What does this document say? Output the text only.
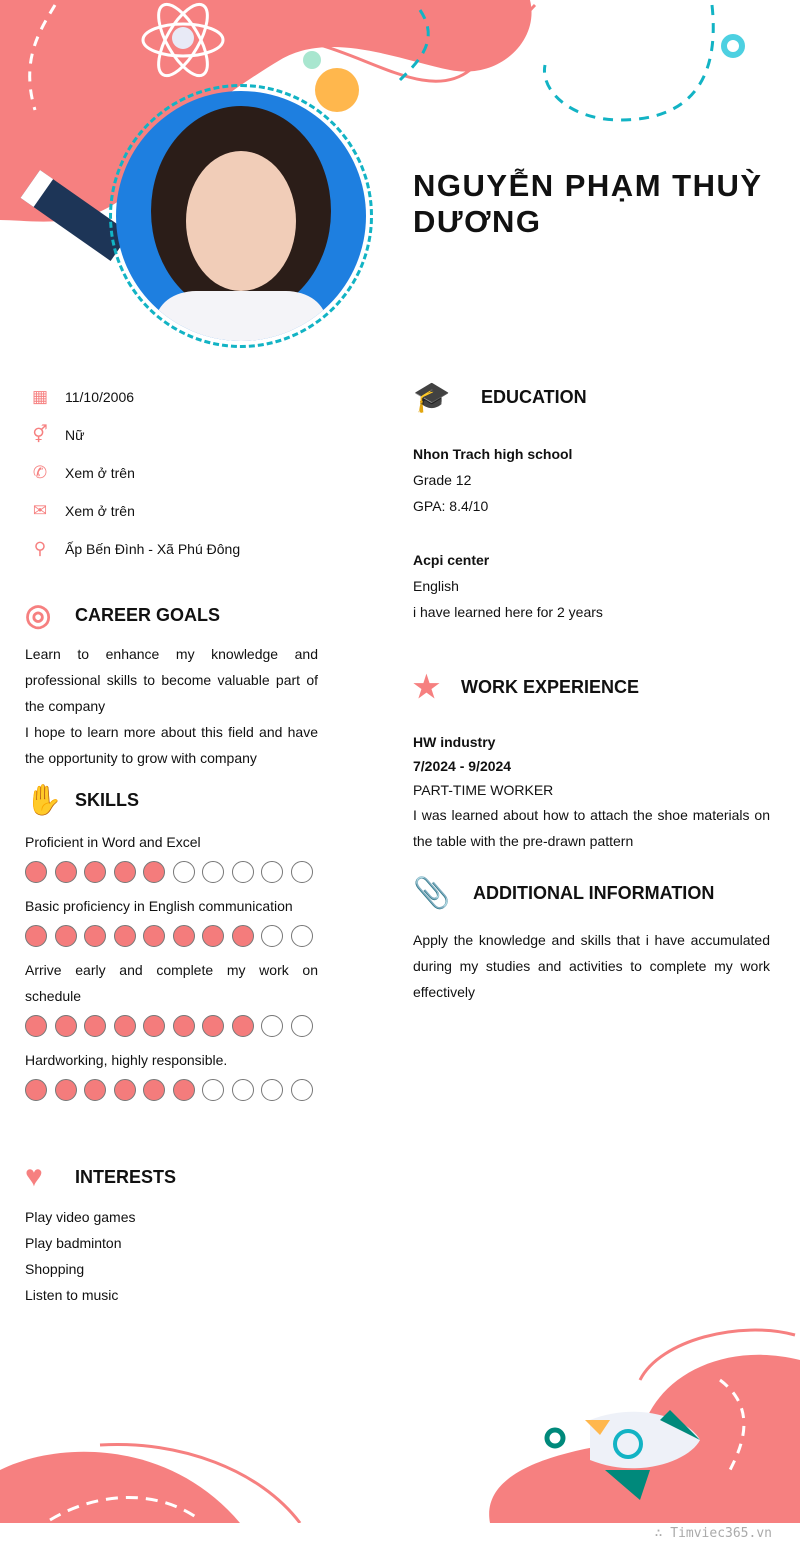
NGUYỄN PHẠM THUỲ DƯƠNG
▦ 11/10/2006
⚥ Nữ
✆ Xem ở trên
✉ Xem ở trên
⚲ Ấp Bến Đình - Xã Phú Đông
◎	CAREER GOALS
Learn to enhance my knowledge and professional skills to become valuable part of the company
I hope to learn more about this field and have the opportunity to grow with company
✋ SKILLS
Proficient in Word and Excel
Basic proficiency in English communication
Arrive early and complete my work on schedule
Hardworking, highly responsible.
♥	INTERESTS
Play video games
Play badminton
Shopping
Listen to music
🎓	EDUCATION
Nhon Trach high school
Grade 12
GPA: 8.4/10
Acpi center
English
i have learned here for 2 years
★	WORK EXPERIENCE
HW industry
7/2024 - 9/2024
PART-TIME WORKER
I was learned about how to attach the shoe materials on the table with the pre-drawn pattern
📎	ADDITIONAL INFORMATION
Apply the knowledge and skills that i have accumulated during my studies and activities to complete my work effectively
∴ Timviec365.vn
